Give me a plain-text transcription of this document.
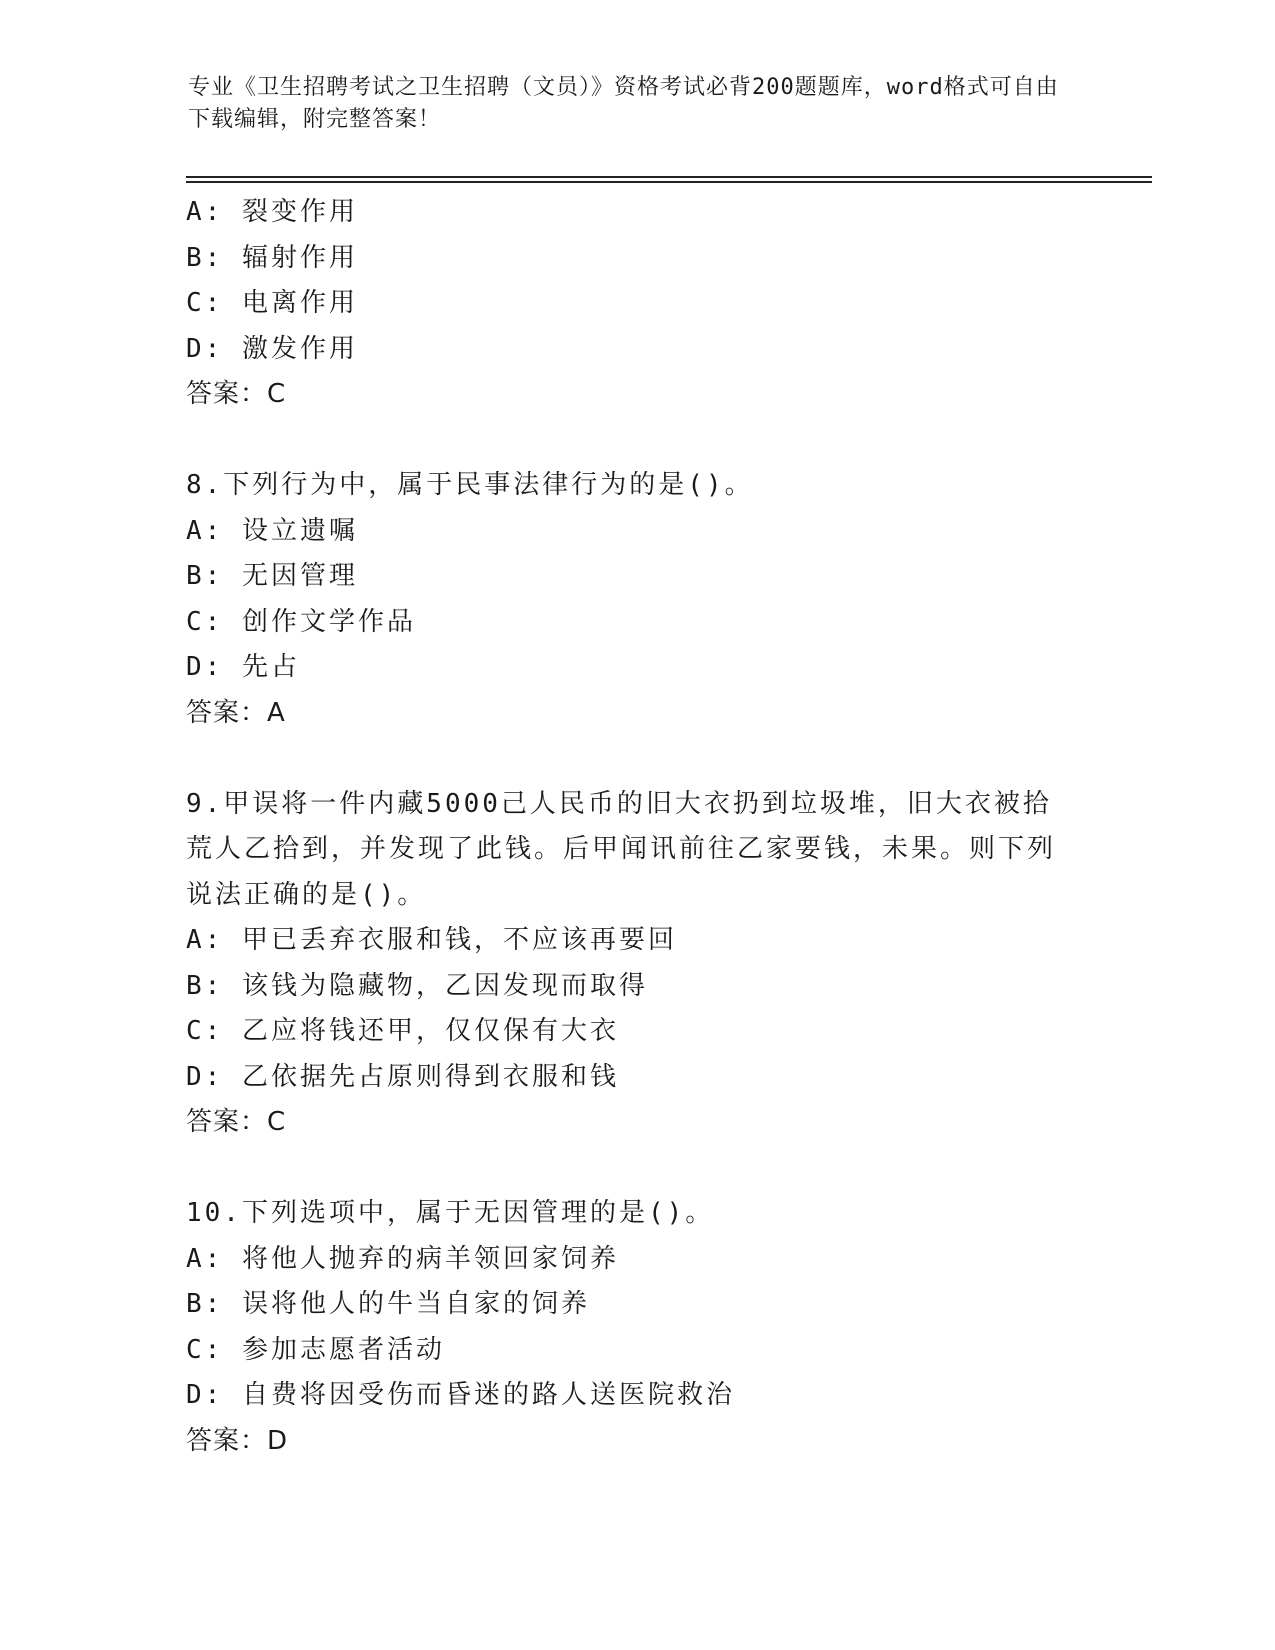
专业《卫生招聘考试之卫生招聘（文员）》资格考试必背200题题库，word格式可自由下载编辑，附完整答案！
A: 裂变作用
B: 辐射作用
C: 电离作用
D: 激发作用
答案：C
8.下列行为中，属于民事法律行为的是()。
A: 设立遗嘱
B: 无因管理
C: 创作文学作品
D: 先占
答案：A
9.甲误将一件内藏5000己人民币的旧大衣扔到垃圾堆，旧大衣被拾荒人乙拾到，并发现了此钱。后甲闻讯前往乙家要钱，未果。则下列说法正确的是()。
A: 甲已丢弃衣服和钱，不应该再要回
B: 该钱为隐藏物，乙因发现而取得
C: 乙应将钱还甲，仅仅保有大衣
D: 乙依据先占原则得到衣服和钱
答案：C
10.下列选项中，属于无因管理的是()。
A: 将他人抛弃的病羊领回家饲养
B: 误将他人的牛当自家的饲养
C: 参加志愿者活动
D: 自费将因受伤而昏迷的路人送医院救治
答案：D
